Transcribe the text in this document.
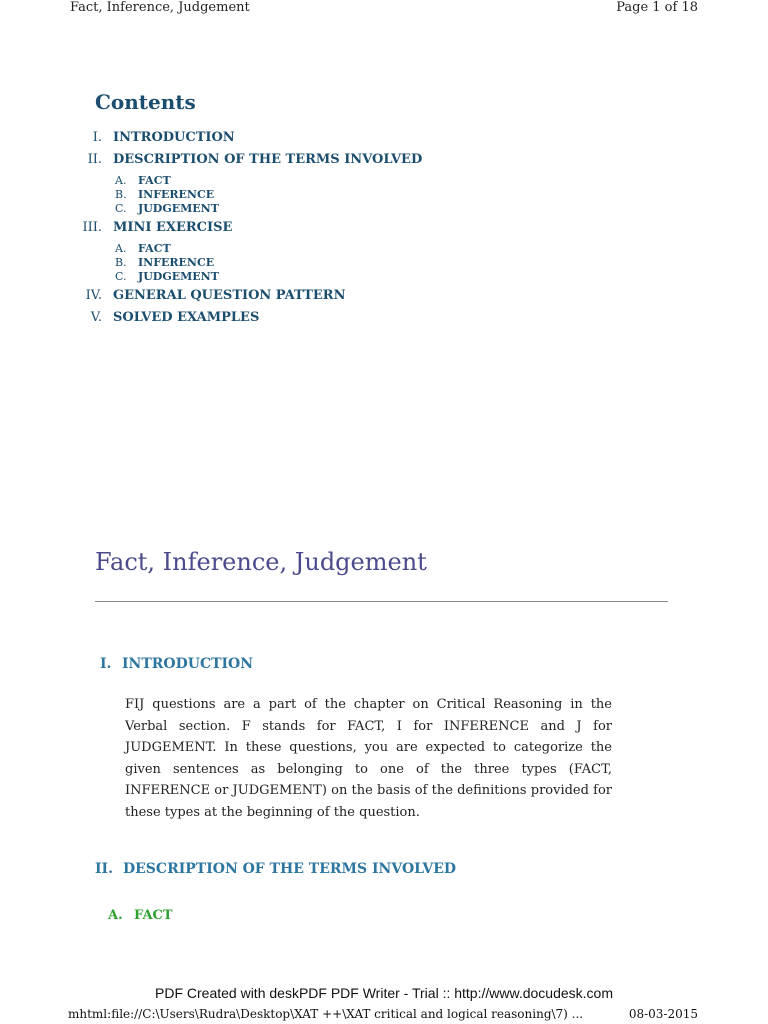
Fact, Inference, Judgement	Page 1 of 18
Contents
I. INTRODUCTION
II. DESCRIPTION OF THE TERMS INVOLVED
A. FACT
B. INFERENCE
C. JUDGEMENT
III. MINI EXERCISE
A. FACT
B. INFERENCE
C. JUDGEMENT
IV. GENERAL QUESTION PATTERN
V. SOLVED EXAMPLES
Fact, Inference, Judgement
I. INTRODUCTION
FIJ questions are a part of the chapter on Critical Reasoning in the Verbal section. F stands for FACT, I for INFERENCE and J for JUDGEMENT. In these questions, you are expected to categorize the given sentences as belonging to one of the three types (FACT, INFERENCE or JUDGEMENT) on the basis of the definitions provided for these types at the beginning of the question.
II. DESCRIPTION OF THE TERMS INVOLVED
A. FACT
PDF Created with deskPDF PDF Writer - Trial :: http://www.docudesk.com
mhtml:file://C:\Users\Rudra\Desktop\XAT ++\XAT critical and logical reasoning\7) ...	08-03-2015
